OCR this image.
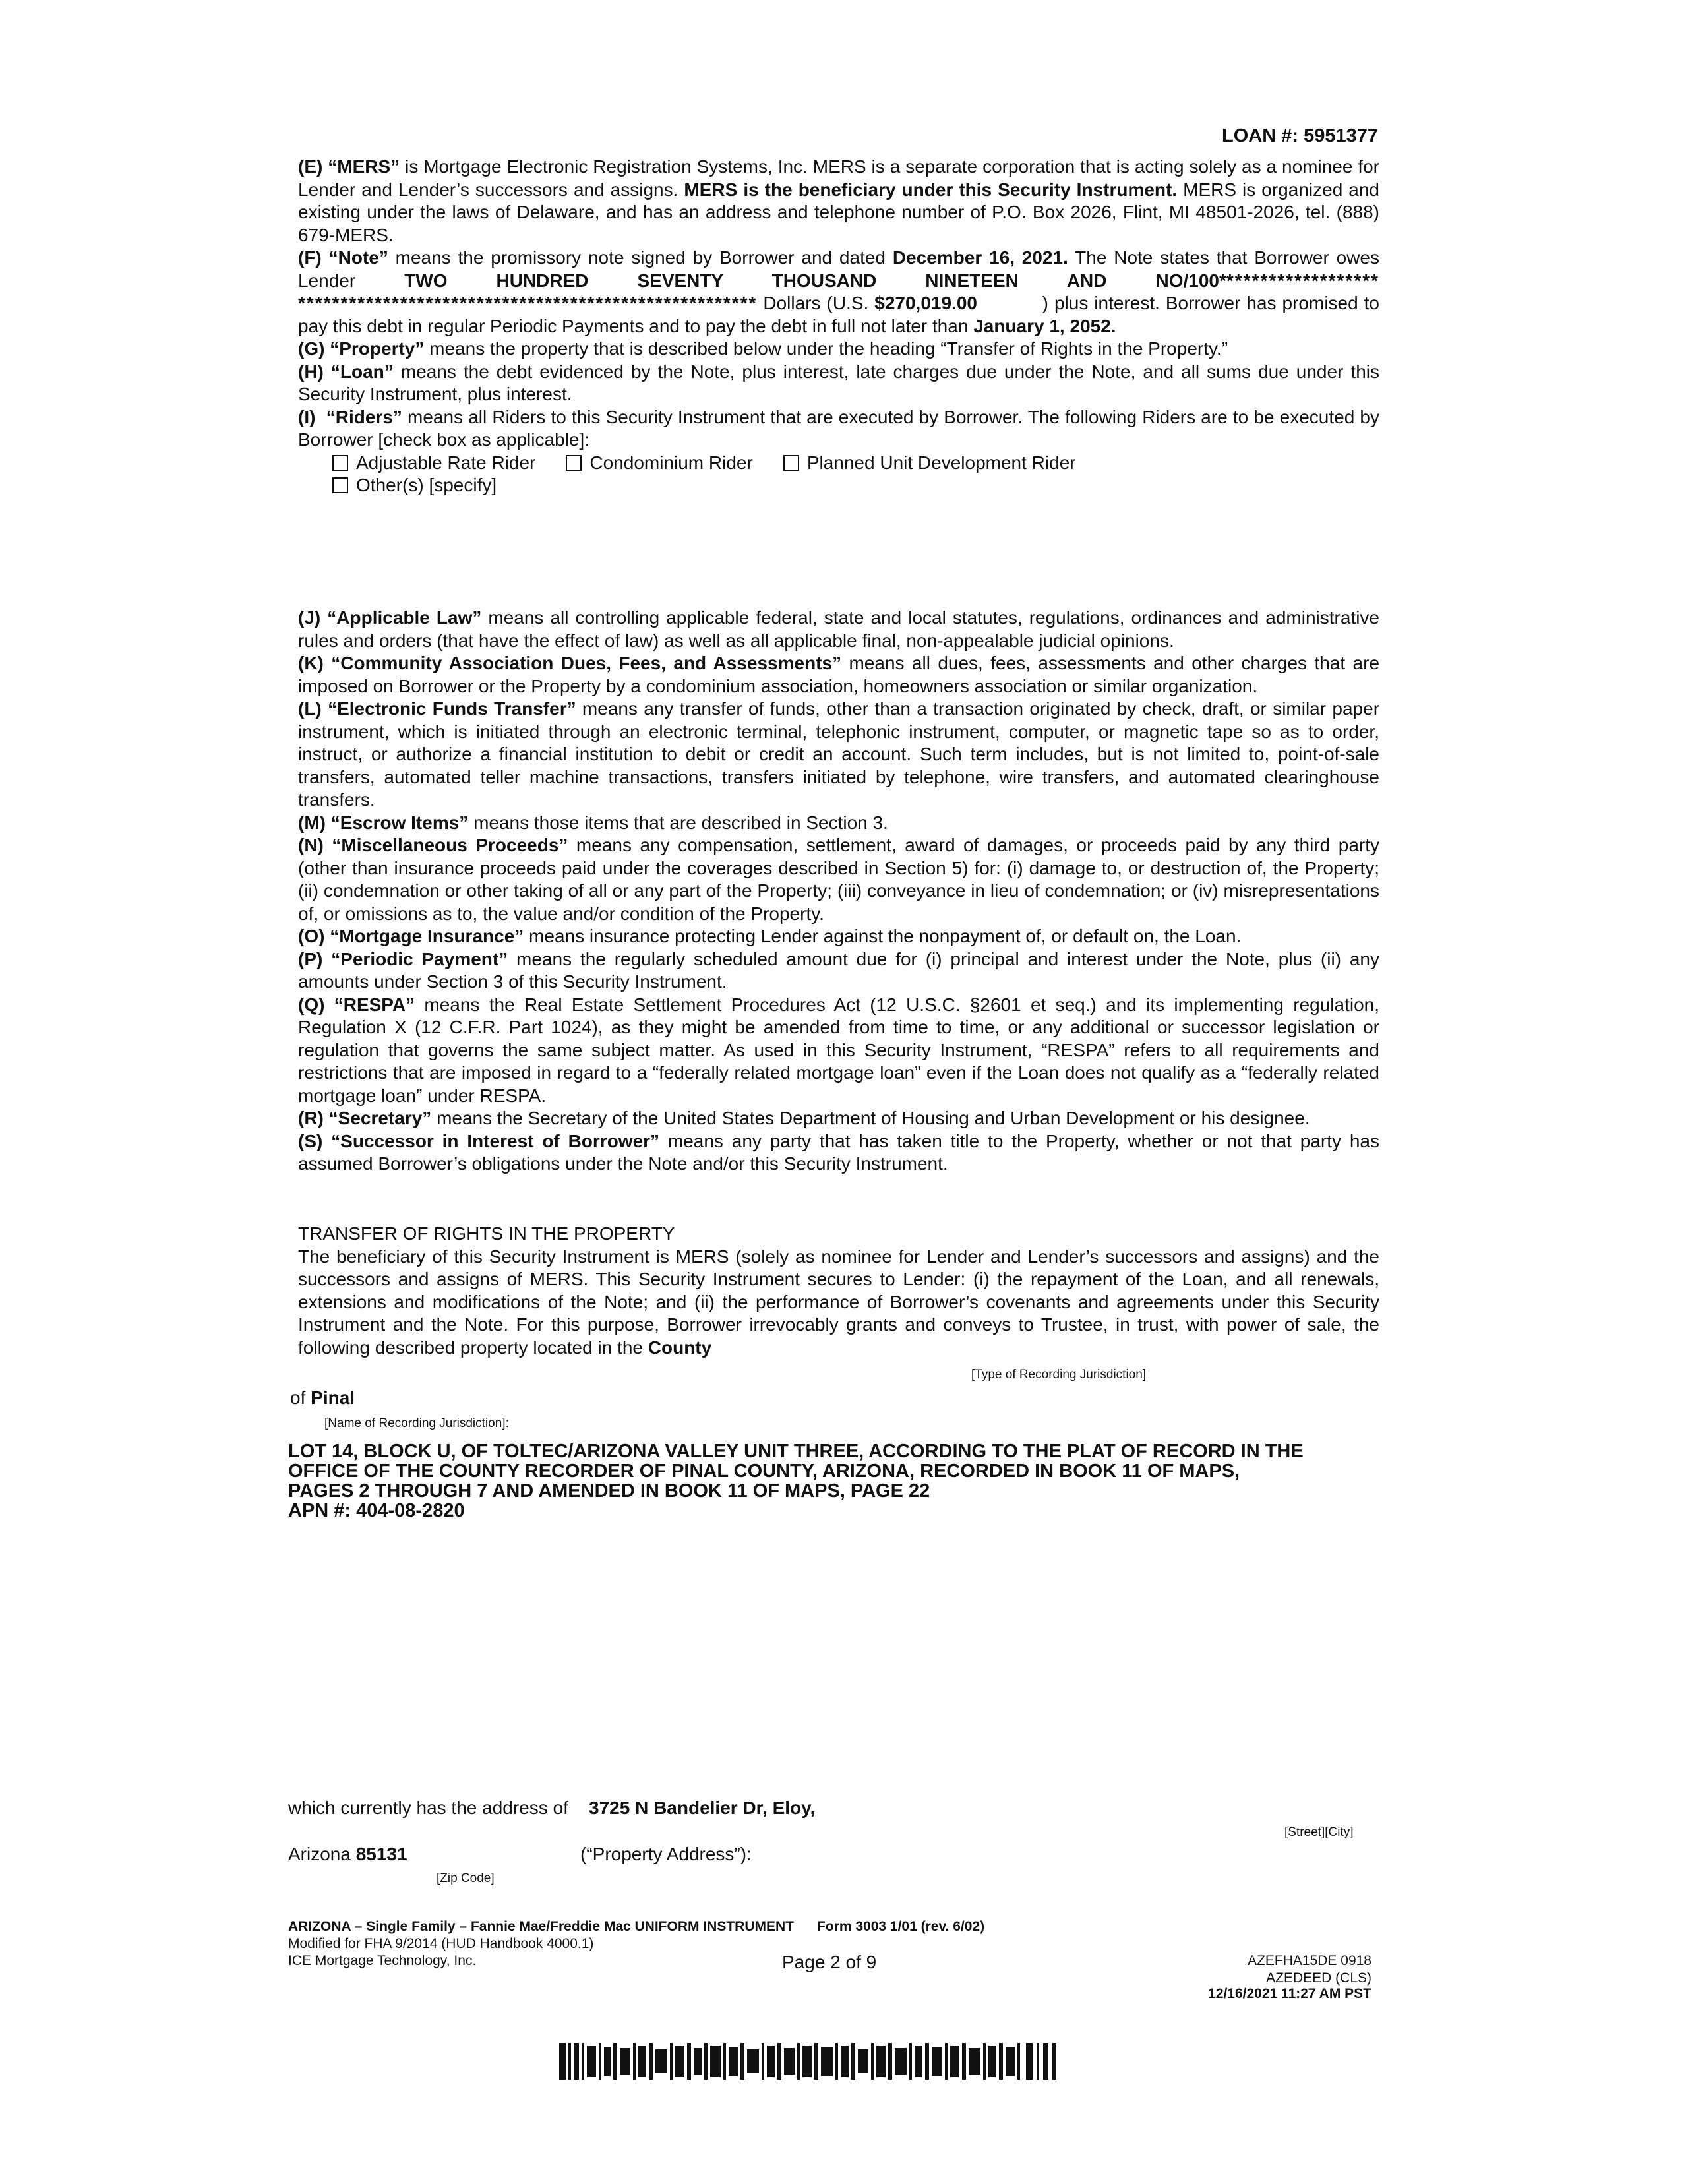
LOAN #: 5951377

(E) “MERS” is Mortgage Electronic Registration Systems, Inc. MERS is a separate corporation that is acting solely as a nominee for Lender and Lender’s successors and assigns. MERS is the beneficiary under this Security Instrument. MERS is organized and existing under the laws of Delaware, and has an address and telephone number of P.O. Box 2026, Flint, MI 48501-2026, tel. (888) 679-MERS.

(F) “Note” means the promissory note signed by Borrower and dated December 16, 2021. The Note states that Borrower owes Lender TWO HUNDRED SEVENTY THOUSAND NINETEEN AND NO/100******************* ****************************************************** Dollars (U.S. $270,019.00	) plus interest. Borrower has promised to pay this debt in regular Periodic Payments and to pay the debt in full not later than January 1, 2052.

(G) “Property” means the property that is described below under the heading “Transfer of Rights in the Property.”

(H) “Loan” means the debt evidenced by the Note, plus interest, late charges due under the Note, and all sums due under this Security Instrument, plus interest.

(I) “Riders” means all Riders to this Security Instrument that are executed by Borrower. The following Riders are to be executed by Borrower [check box as applicable]:

Adjustable Rate Rider	Condominium Rider	Planned Unit Development Rider
Other(s) [specify]

(J) “Applicable Law” means all controlling applicable federal, state and local statutes, regulations, ordinances and administrative rules and orders (that have the effect of law) as well as all applicable final, non-appealable judicial opinions.

(K) “Community Association Dues, Fees, and Assessments” means all dues, fees, assessments and other charges that are imposed on Borrower or the Property by a condominium association, homeowners association or similar organization.

(L) “Electronic Funds Transfer” means any transfer of funds, other than a transaction originated by check, draft, or similar paper instrument, which is initiated through an electronic terminal, telephonic instrument, computer, or magnetic tape so as to order, instruct, or authorize a financial institution to debit or credit an account. Such term includes, but is not limited to, point-of-sale transfers, automated teller machine transactions, transfers initiated by telephone, wire transfers, and automated clearinghouse transfers.

(M) “Escrow Items” means those items that are described in Section 3.

(N) “Miscellaneous Proceeds” means any compensation, settlement, award of damages, or proceeds paid by any third party (other than insurance proceeds paid under the coverages described in Section 5) for: (i) damage to, or destruction of, the Property; (ii) condemnation or other taking of all or any part of the Property; (iii) conveyance in lieu of condemnation; or (iv) misrepresentations of, or omissions as to, the value and/or condition of the Property.

(O) “Mortgage Insurance” means insurance protecting Lender against the nonpayment of, or default on, the Loan.

(P) “Periodic Payment” means the regularly scheduled amount due for (i) principal and interest under the Note, plus (ii) any amounts under Section 3 of this Security Instrument.

(Q) “RESPA” means the Real Estate Settlement Procedures Act (12 U.S.C. §2601 et seq.) and its implementing regulation, Regulation X (12 C.F.R. Part 1024), as they might be amended from time to time, or any additional or successor legislation or regulation that governs the same subject matter. As used in this Security Instrument, “RESPA” refers to all requirements and restrictions that are imposed in regard to a “federally related mortgage loan” even if the Loan does not qualify as a “federally related mortgage loan” under RESPA.

(R) “Secretary” means the Secretary of the United States Department of Housing and Urban Development or his designee.

(S) “Successor in Interest of Borrower” means any party that has taken title to the Property, whether or not that party has assumed Borrower’s obligations under the Note and/or this Security Instrument.

TRANSFER OF RIGHTS IN THE PROPERTY

The beneficiary of this Security Instrument is MERS (solely as nominee for Lender and Lender’s successors and assigns) and the successors and assigns of MERS. This Security Instrument secures to Lender: (i) the repayment of the Loan, and all renewals, extensions and modifications of the Note; and (ii) the performance of Borrower’s covenants and agreements under this Security Instrument and the Note. For this purpose, Borrower irrevocably grants and conveys to Trustee, in trust, with power of sale, the following described property located in the County

[Type of Recording Jurisdiction]
of Pinal
[Name of Recording Jurisdiction]:
LOT 14, BLOCK U, OF TOLTEC/ARIZONA VALLEY UNIT THREE, ACCORDING TO THE PLAT OF RECORD IN THE
OFFICE OF THE COUNTY RECORDER OF PINAL COUNTY, ARIZONA, RECORDED IN BOOK 11 OF MAPS,
PAGES 2 THROUGH 7 AND AMENDED IN BOOK 11 OF MAPS, PAGE 22
APN #: 404-08-2820
which currently has the address of 3725 N Bandelier Dr, Eloy,
[Street][City]
Arizona 85131	(“Property Address”):
[Zip Code]
ARIZONA – Single Family – Fannie Mae/Freddie Mac UNIFORM INSTRUMENT Form 3003 1/01 (rev. 6/02)
Modified for FHA 9/2014 (HUD Handbook 4000.1)
ICE Mortgage Technology, Inc.	Page 2 of 9	AZEFHA15DE 0918
AZEDEED (CLS)
12/16/2021 11:27 AM PST
